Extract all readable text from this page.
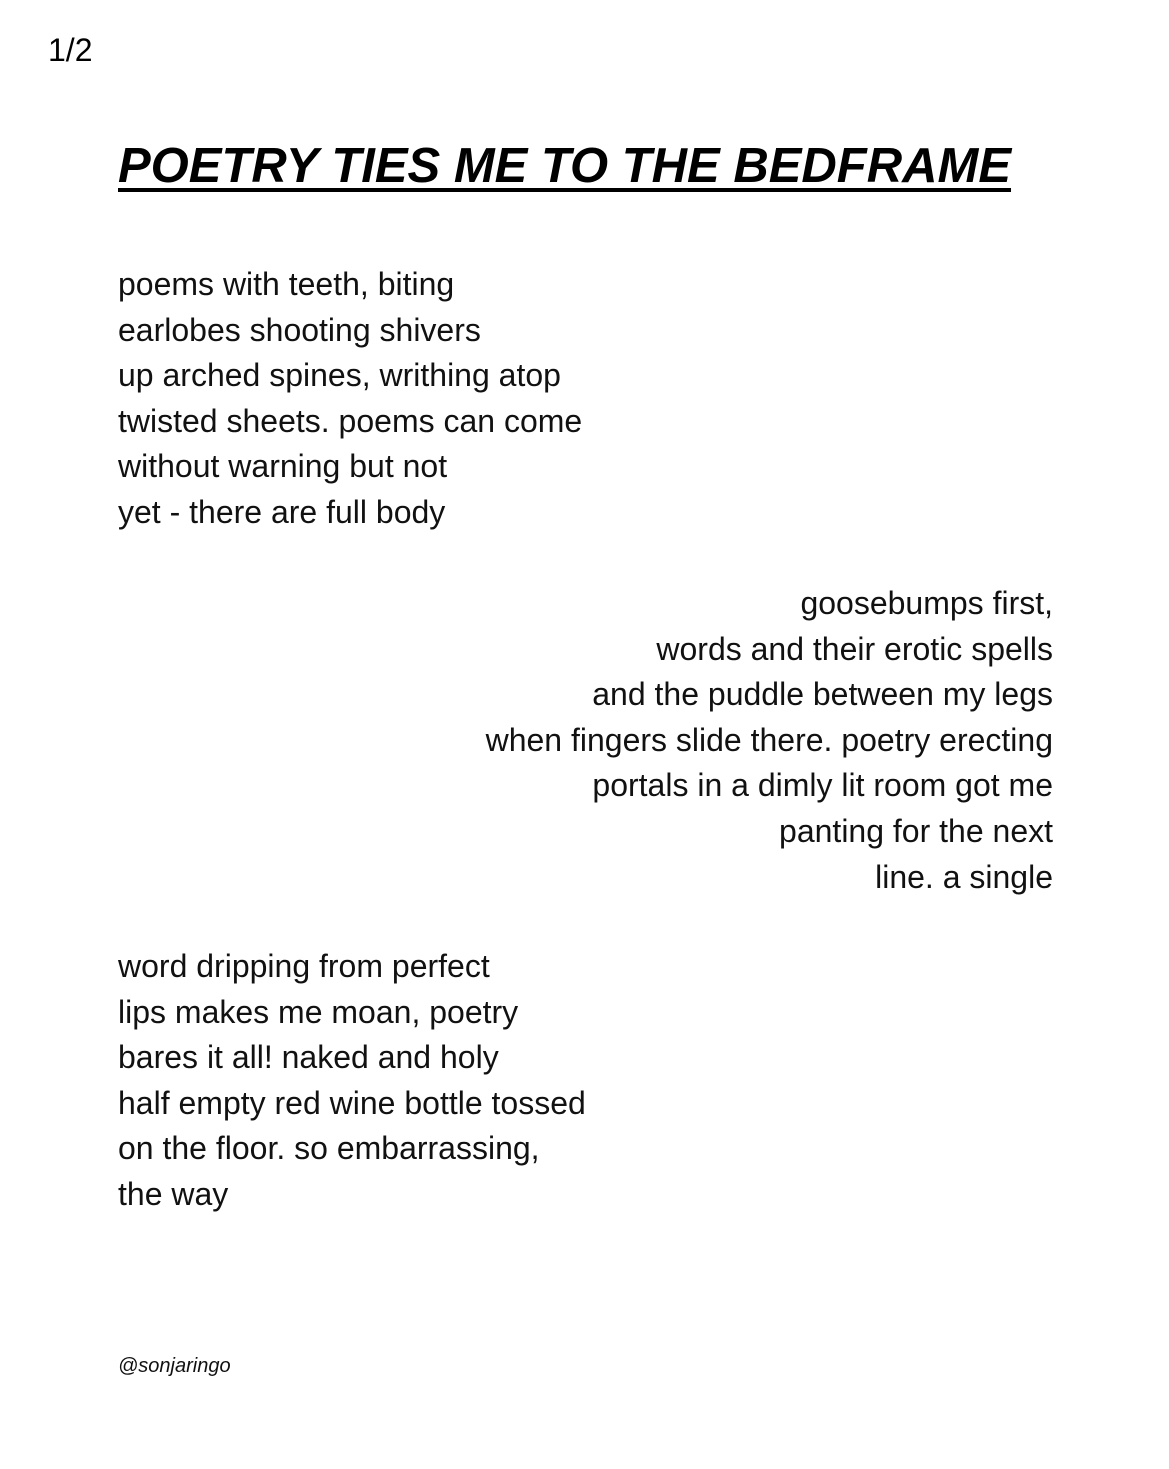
1/2
POETRY TIES ME TO THE BEDFRAME
poems with teeth, biting
earlobes shooting shivers
up arched spines, writhing atop
twisted sheets. poems can come
without warning but not
yet - there are full body
goosebumps first,
words and their erotic spells
and the puddle between my legs
when fingers slide there. poetry erecting
portals in a dimly lit room got me
panting for the next
line. a single
word dripping from perfect
lips makes me moan, poetry
bares it all! naked and holy
half empty red wine bottle tossed
on the floor. so embarrassing,
the way
@sonjaringo
